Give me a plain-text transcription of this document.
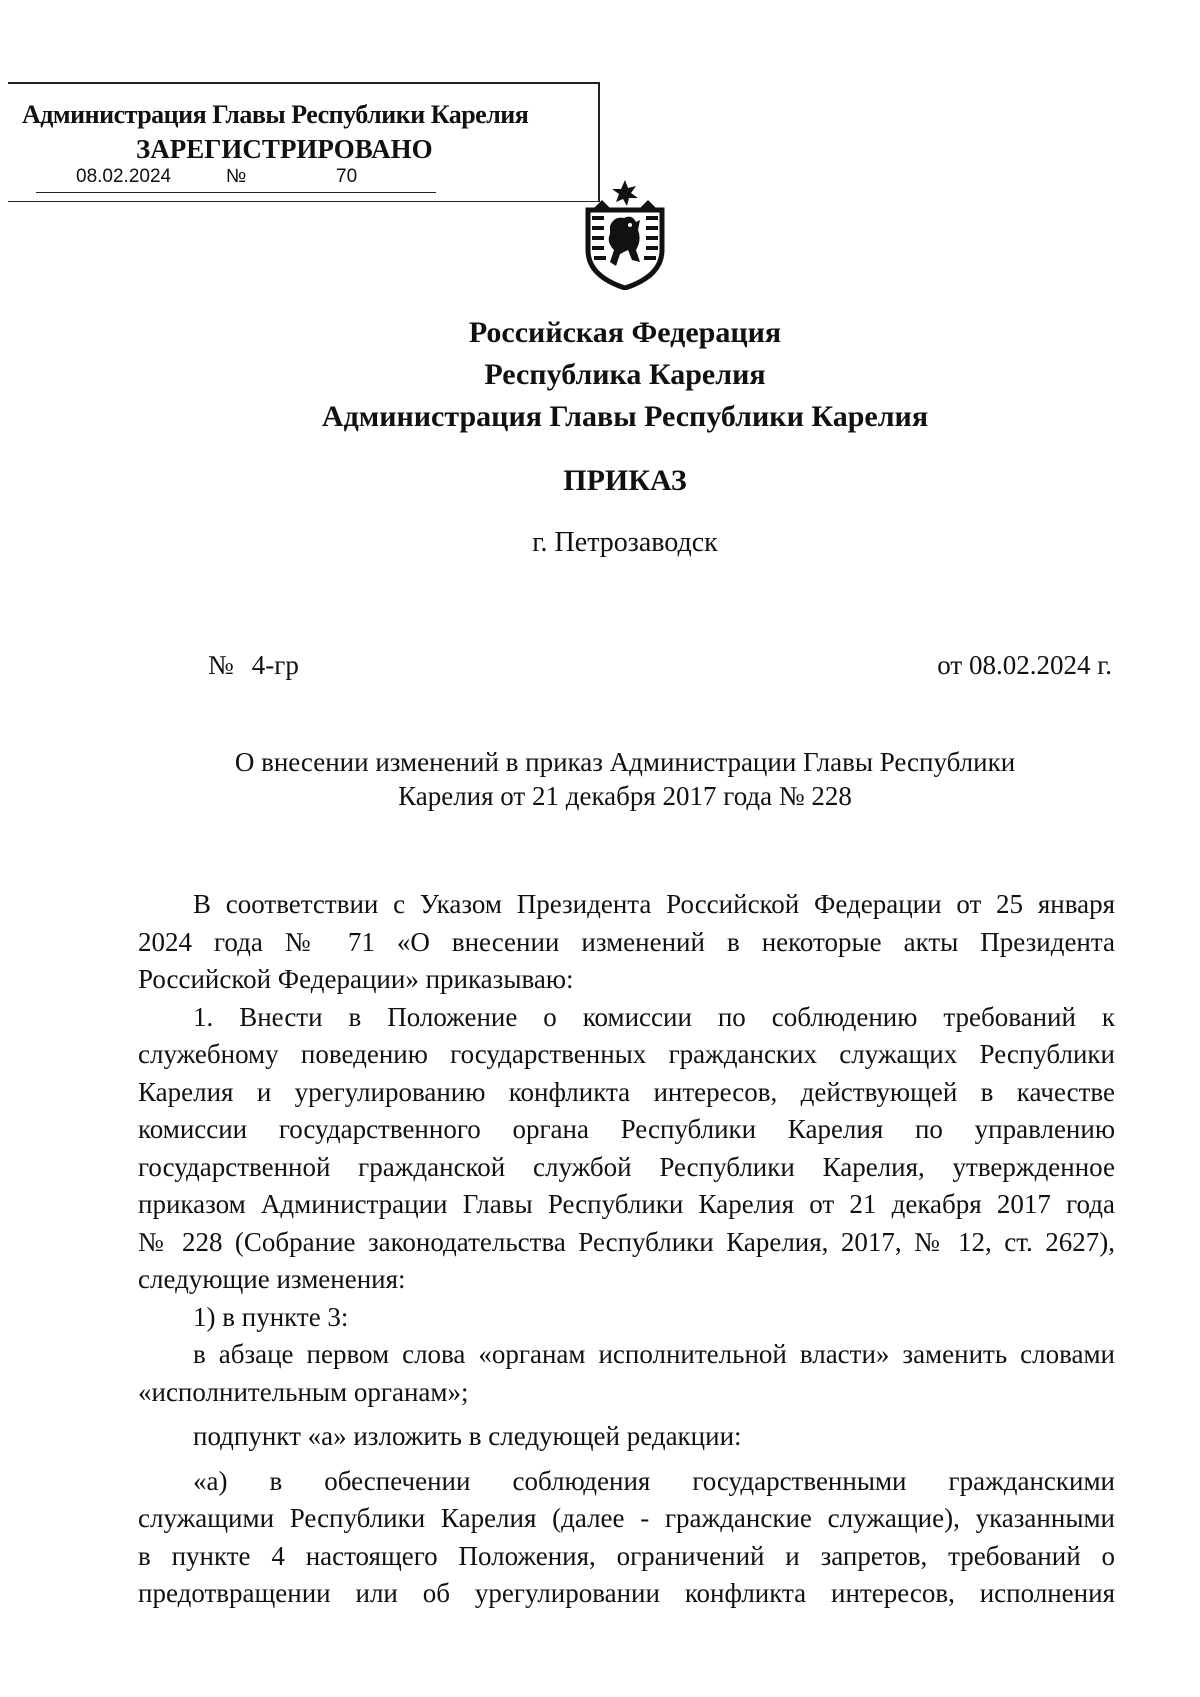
Администрация Главы Республики Карелия
ЗАРЕГИСТРИРОВАНО
08.02.2024	№	70
Российская Федерация
Республика Карелия
Администрация Главы Республики Карелия
ПРИКАЗ
г. Петрозаводск
№ 4-гр	от 08.02.2024 г.
О внесении изменений в приказ Администрации Главы Республики
Карелия от 21 декабря 2017 года № 228
В соответствии с Указом Президента Российской Федерации от 25 января
2024 года № 71 «О внесении изменений в некоторые акты Президента
Российской Федерации» приказываю:
1. Внести в Положение о комиссии по соблюдению требований к
служебному поведению государственных гражданских служащих Республики
Карелия и урегулированию конфликта интересов, действующей в качестве
комиссии государственного органа Республики Карелия по управлению
государственной гражданской службой Республики Карелия, утвержденное
приказом Администрации Главы Республики Карелия от 21 декабря 2017 года
№ 228 (Собрание законодательства Республики Карелия, 2017, № 12, ст. 2627),
следующие изменения:
1) в пункте 3:
в абзаце первом слова «органам исполнительной власти» заменить словами
«исполнительным органам»;
подпункт «а» изложить в следующей редакции:
«а) в обеспечении соблюдения государственными гражданскими
служащими Республики Карелия (далее - гражданские служащие), указанными
в пункте 4 настоящего Положения, ограничений и запретов, требований о
предотвращении или об урегулировании конфликта интересов, исполнения
